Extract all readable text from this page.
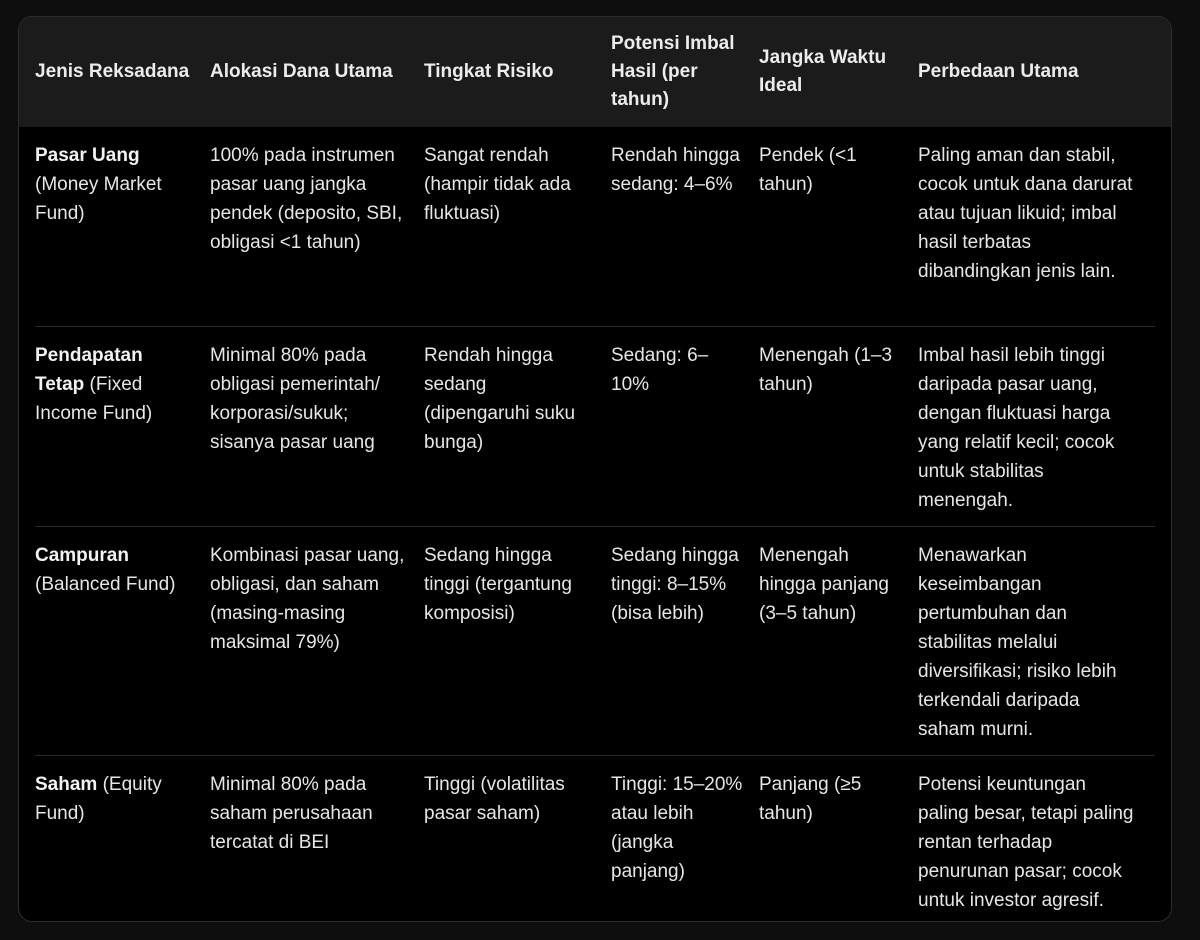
Jenis Reksadana	Alokasi Dana Utama	Tingkat Risiko
Potensi Imbal Hasil (per tahun)
Jangka Waktu Ideal
Perbedaan Utama
Pasar Uang (Money Market Fund)
100% pada instrumen pasar uang jangka pendek (deposito, SBI, obligasi <1 tahun)
Sangat rendah (hampir tidak ada fluktuasi)
Rendah hingga sedang: 4–6%
Pendek (<1 tahun)
Paling aman dan stabil, cocok untuk dana darurat atau tujuan likuid; imbal hasil terbatas dibandingkan jenis lain.
Pendapatan Tetap (Fixed Income Fund)
Minimal 80% pada obligasi pemerintah/ korporasi/sukuk; sisanya pasar uang
Rendah hingga sedang (dipengaruhi suku bunga)
Sedang: 6–10%
Menengah (1–3 tahun)
Imbal hasil lebih tinggi daripada pasar uang, dengan fluktuasi harga yang relatif kecil; cocok untuk stabilitas menengah.
Campuran (Balanced Fund)
Kombinasi pasar uang, obligasi, dan saham (masing-masing maksimal 79%)
Sedang hingga tinggi (tergantung komposisi)
Sedang hingga tinggi: 8–15% (bisa lebih)
Menengah hingga panjang (3–5 tahun)
Menawarkan keseimbangan pertumbuhan dan stabilitas melalui diversifikasi; risiko lebih terkendali daripada saham murni.
Saham (Equity Fund)
Minimal 80% pada saham perusahaan tercatat di BEI
Tinggi (volatilitas pasar saham)
Tinggi: 15–20% atau lebih (jangka panjang)
Panjang (≥5 tahun)
Potensi keuntungan paling besar, tetapi paling rentan terhadap penurunan pasar; cocok untuk investor agresif.
